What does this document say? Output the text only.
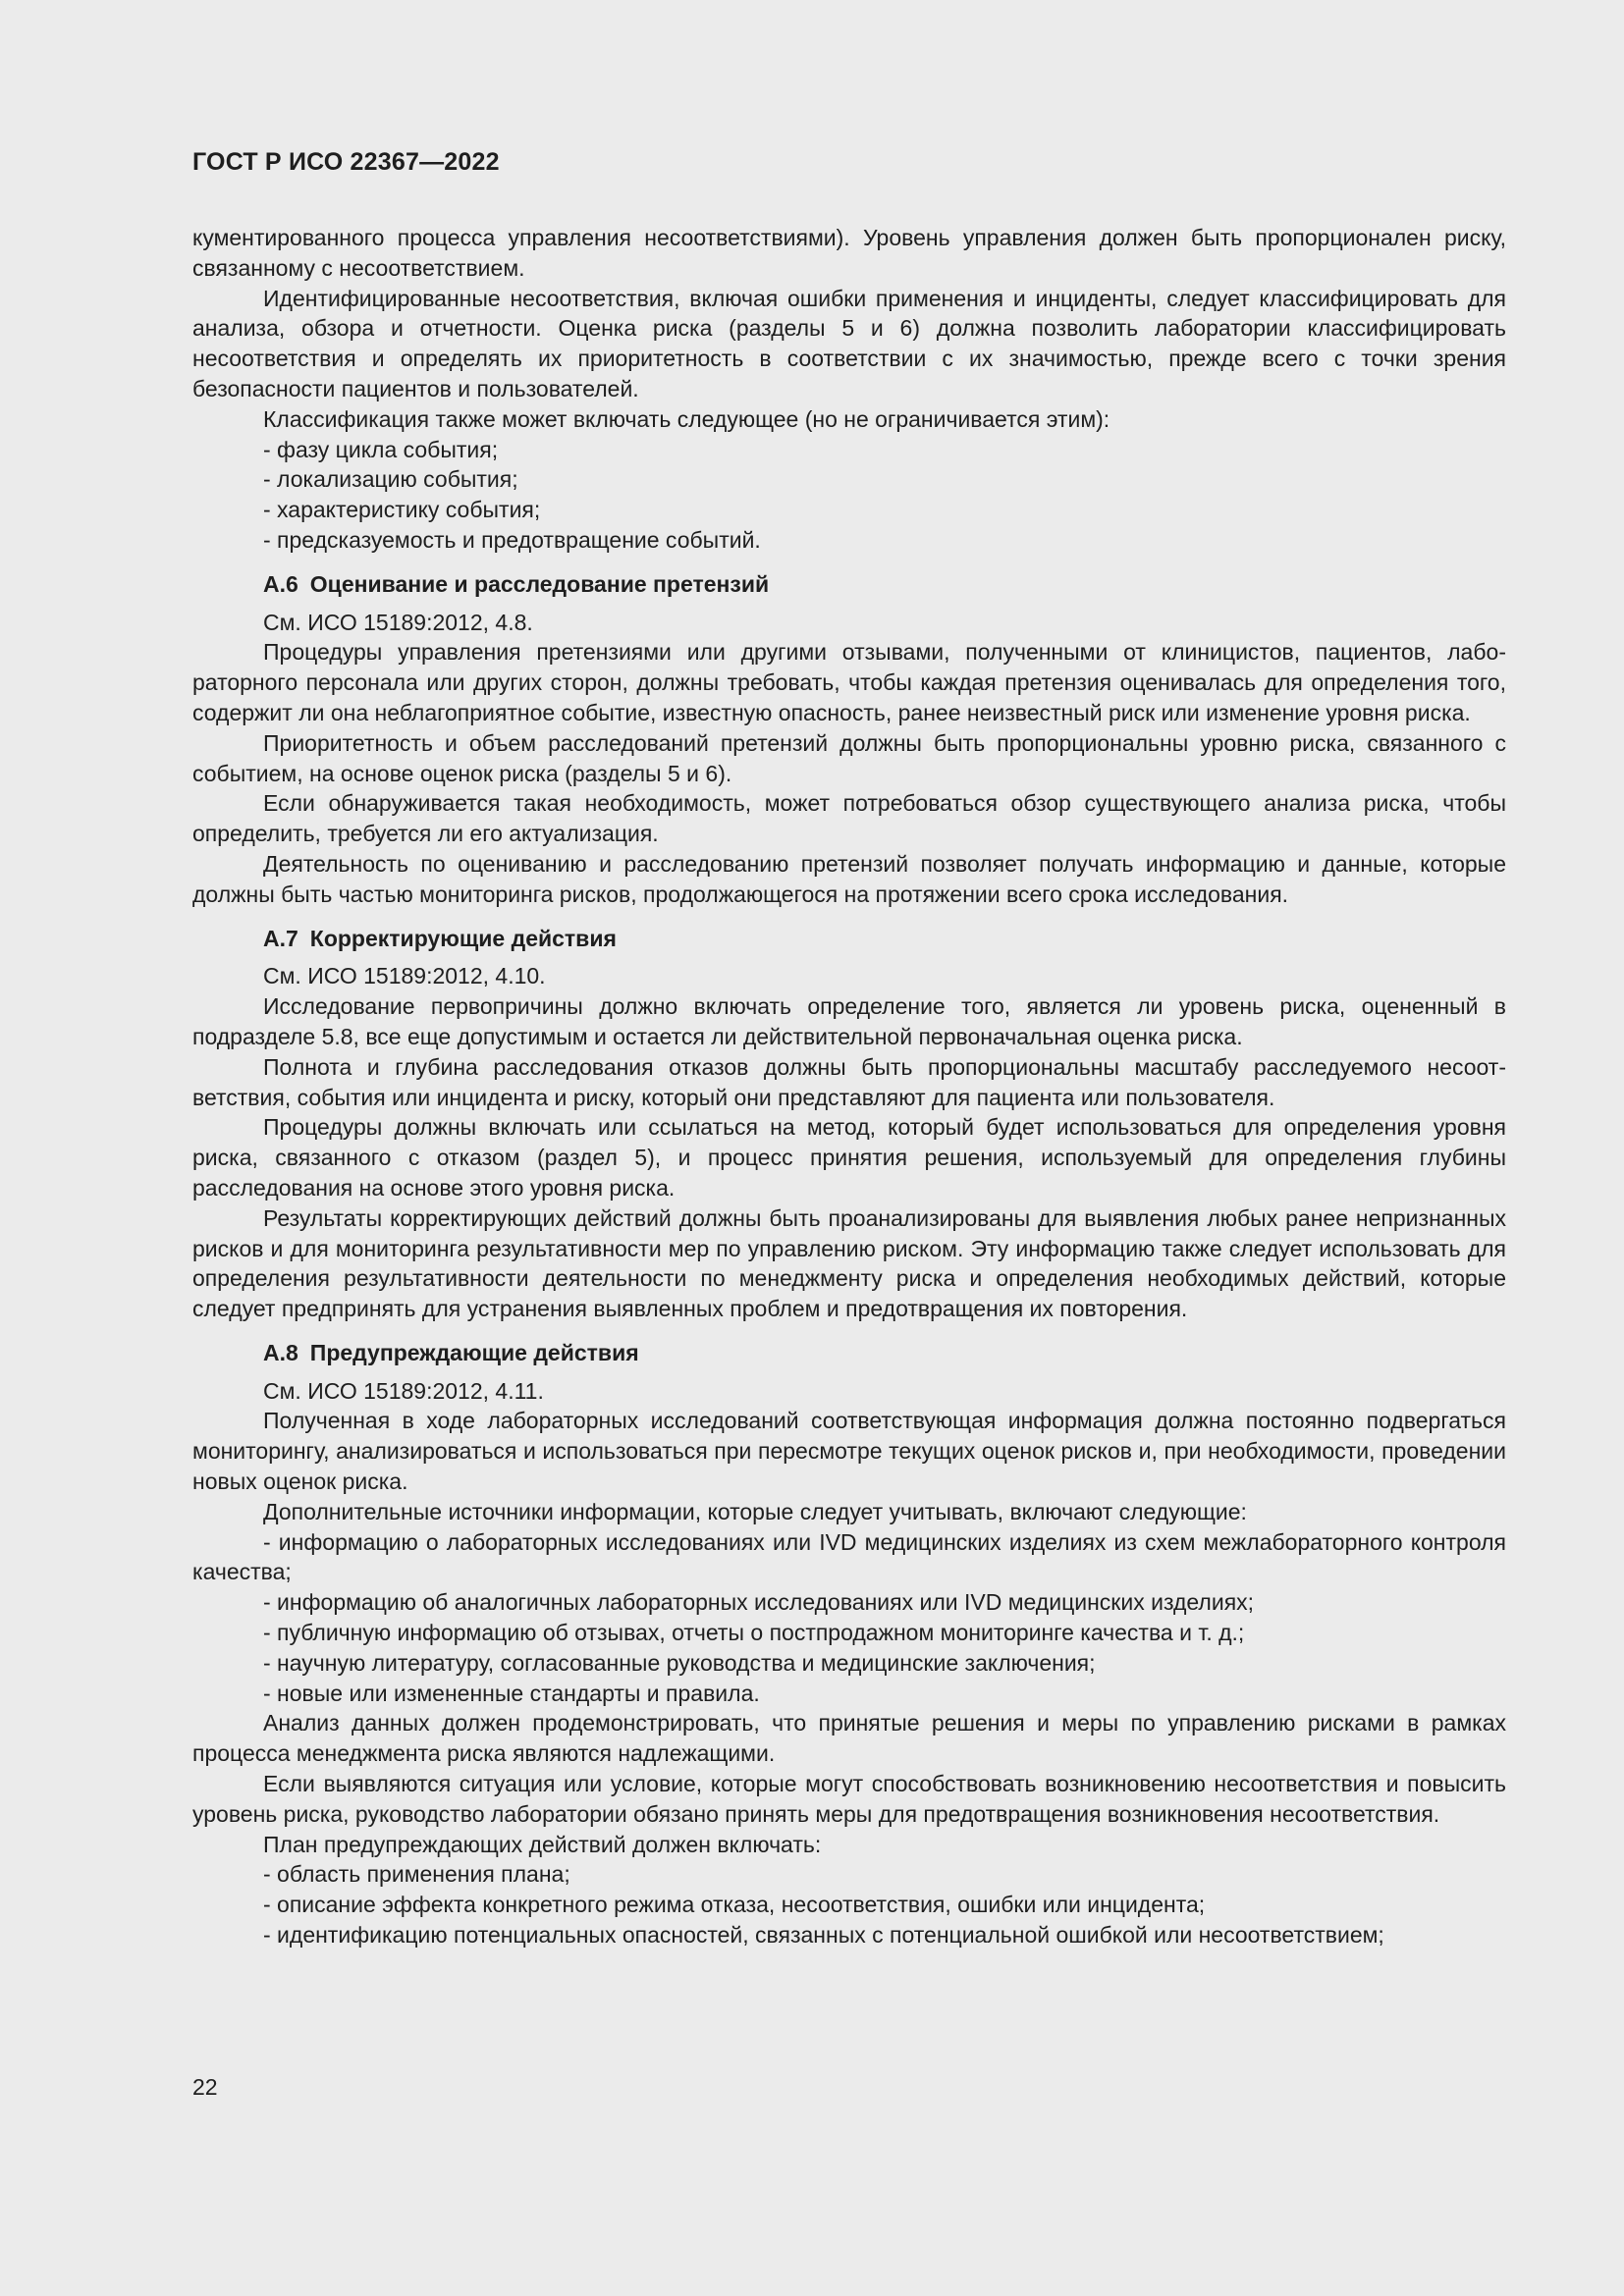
ГОСТ Р ИСО 22367—2022

кументированного процесса управления несоответствиями). Уровень управления должен быть пропорционален риску, связанному с несоответствием.

Идентифицированные несоответствия, включая ошибки применения и инциденты, следует классифицировать для анализа, обзора и отчетности. Оценка риска (разделы 5 и 6) должна позволить лаборатории классифицировать несоответствия и определять их приоритетность в соответствии с их значимостью, прежде всего с точки зрения безопасности пациентов и пользователей.

Классификация также может включать следующее (но не ограничивается этим):

- фазу цикла события;
- локализацию события;
- характеристику события;
- предсказуемость и предотвращение событий.
А.6 Оценивание и расследование претензий

См. ИСО 15189:2012, 4.8.

Процедуры управления претензиями или другими отзывами, полученными от клиницистов, пациентов, лабораторного персонала или других сторон, должны требовать, чтобы каждая претензия оценивалась для определения того, содержит ли она неблагоприятное событие, известную опасность, ранее неизвестный риск или изменение уровня риска.

Приоритетность и объем расследований претензий должны быть пропорциональны уровню риска, связанного с событием, на основе оценок риска (разделы 5 и 6).

Если обнаруживается такая необходимость, может потребоваться обзор существующего анализа риска, чтобы определить, требуется ли его актуализация.

Деятельность по оцениванию и расследованию претензий позволяет получать информацию и данные, которые должны быть частью мониторинга рисков, продолжающегося на протяжении всего срока исследования.

А.7 Корректирующие действия

См. ИСО 15189:2012, 4.10.

Исследование первопричины должно включать определение того, является ли уровень риска, оцененный в подразделе 5.8, все еще допустимым и остается ли действительной первоначальная оценка риска.

Полнота и глубина расследования отказов должны быть пропорциональны масштабу расследуемого несоответствия, события или инцидента и риску, который они представляют для пациента или пользователя.

Процедуры должны включать или ссылаться на метод, который будет использоваться для определения уровня риска, связанного с отказом (раздел 5), и процесс принятия решения, используемый для определения глубины расследования на основе этого уровня риска.

Результаты корректирующих действий должны быть проанализированы для выявления любых ранее непризнанных рисков и для мониторинга результативности мер по управлению риском. Эту информацию также следует использовать для определения результативности деятельности по менеджменту риска и определения необходимых действий, которые следует предпринять для устранения выявленных проблем и предотвращения их повторения.

А.8 Предупреждающие действия

См. ИСО 15189:2012, 4.11.

Полученная в ходе лабораторных исследований соответствующая информация должна постоянно подвергаться мониторингу, анализироваться и использоваться при пересмотре текущих оценок рисков и, при необходимости, проведении новых оценок риска.

Дополнительные источники информации, которые следует учитывать, включают следующие:

- информацию о лабораторных исследованиях или IVD медицинских изделиях из схем межлабораторного контроля качества;
- информацию об аналогичных лабораторных исследованиях или IVD медицинских изделиях;
- публичную информацию об отзывах, отчеты о постпродажном мониторинге качества и т. д.;
- научную литературу, согласованные руководства и медицинские заключения;
- новые или измененные стандарты и правила.

Анализ данных должен продемонстрировать, что принятые решения и меры по управлению рисками в рамках процесса менеджмента риска являются надлежащими.

Если выявляются ситуация или условие, которые могут способствовать возникновению несоответствия и повысить уровень риска, руководство лаборатории обязано принять меры для предотвращения возникновения несоответствия.

План предупреждающих действий должен включать:

- область применения плана;
- описание эффекта конкретного режима отказа, несоответствия, ошибки или инцидента;
- идентификацию потенциальных опасностей, связанных с потенциальной ошибкой или несоответствием;
22
